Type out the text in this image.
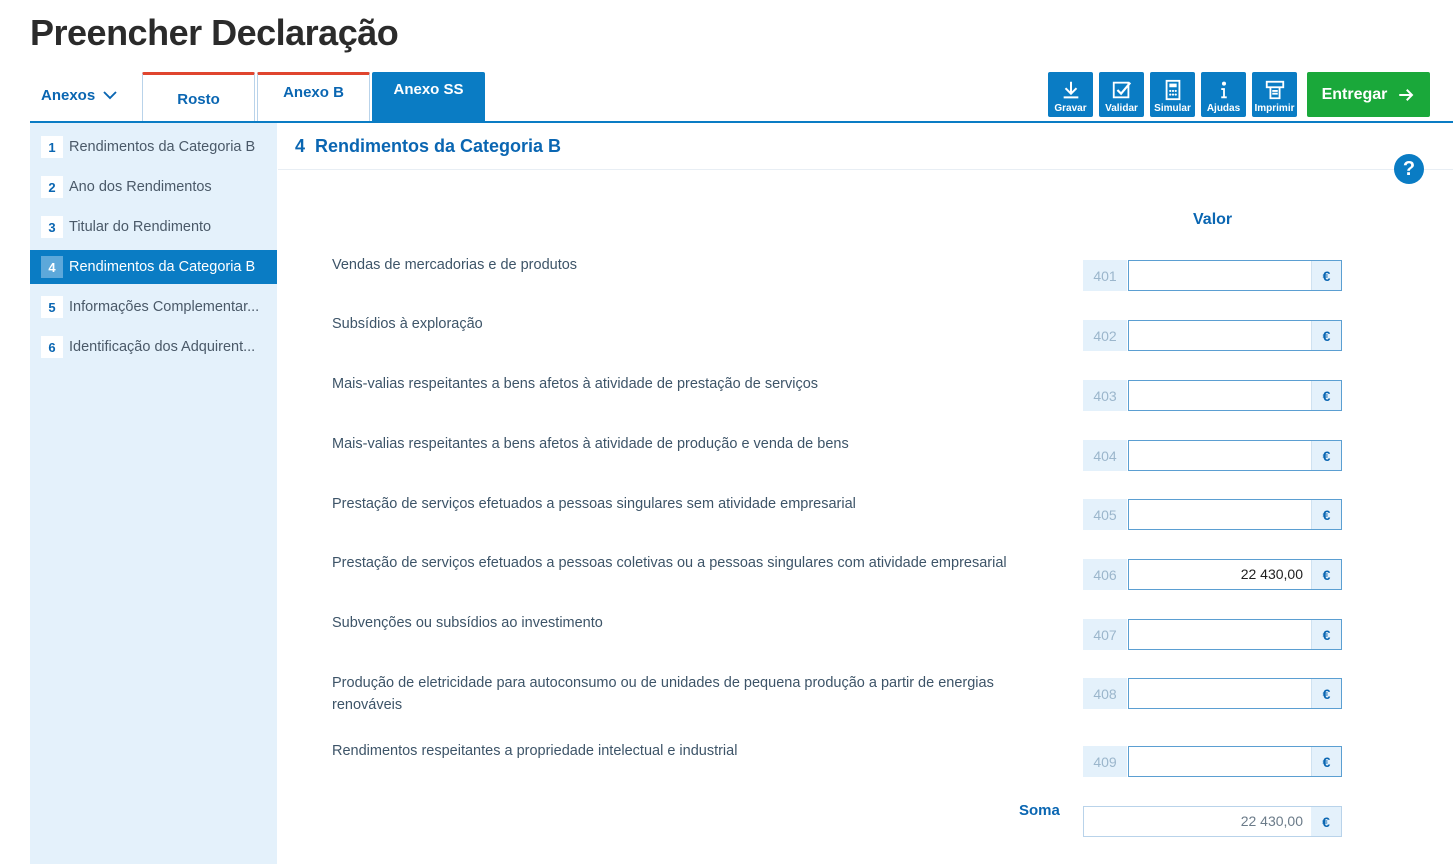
Preencher Declaração
Anexos	Rosto	Anexo B	Anexo SS
Gravar Validar Simular Ajudas Imprimir
Entregar
1 Rendimentos da Categoria B
2 Ano dos Rendimentos
3 Titular do Rendimento
4 Rendimentos da Categoria B
5 Informações Complementar...
6 Identificação dos Adquirent...
4 Rendimentos da Categoria B
?
Valor
Vendas de mercadorias e de produtos
401	€
Subsídios à exploração
402	€
Mais-valias respeitantes a bens afetos à atividade de prestação de serviços
403	€
Mais-valias respeitantes a bens afetos à atividade de produção e venda de bens
404	€
Prestação de serviços efetuados a pessoas singulares sem atividade empresarial
405	€
Prestação de serviços efetuados a pessoas coletivas ou a pessoas singulares com atividade empresarial
406	22 430,00	€
Subvenções ou subsídios ao investimento
407	€
Produção de eletricidade para autoconsumo ou de unidades de pequena produção a partir de energias renováveis
408	€
Rendimentos respeitantes a propriedade intelectual e industrial
409	€
Soma
22 430,00	€
